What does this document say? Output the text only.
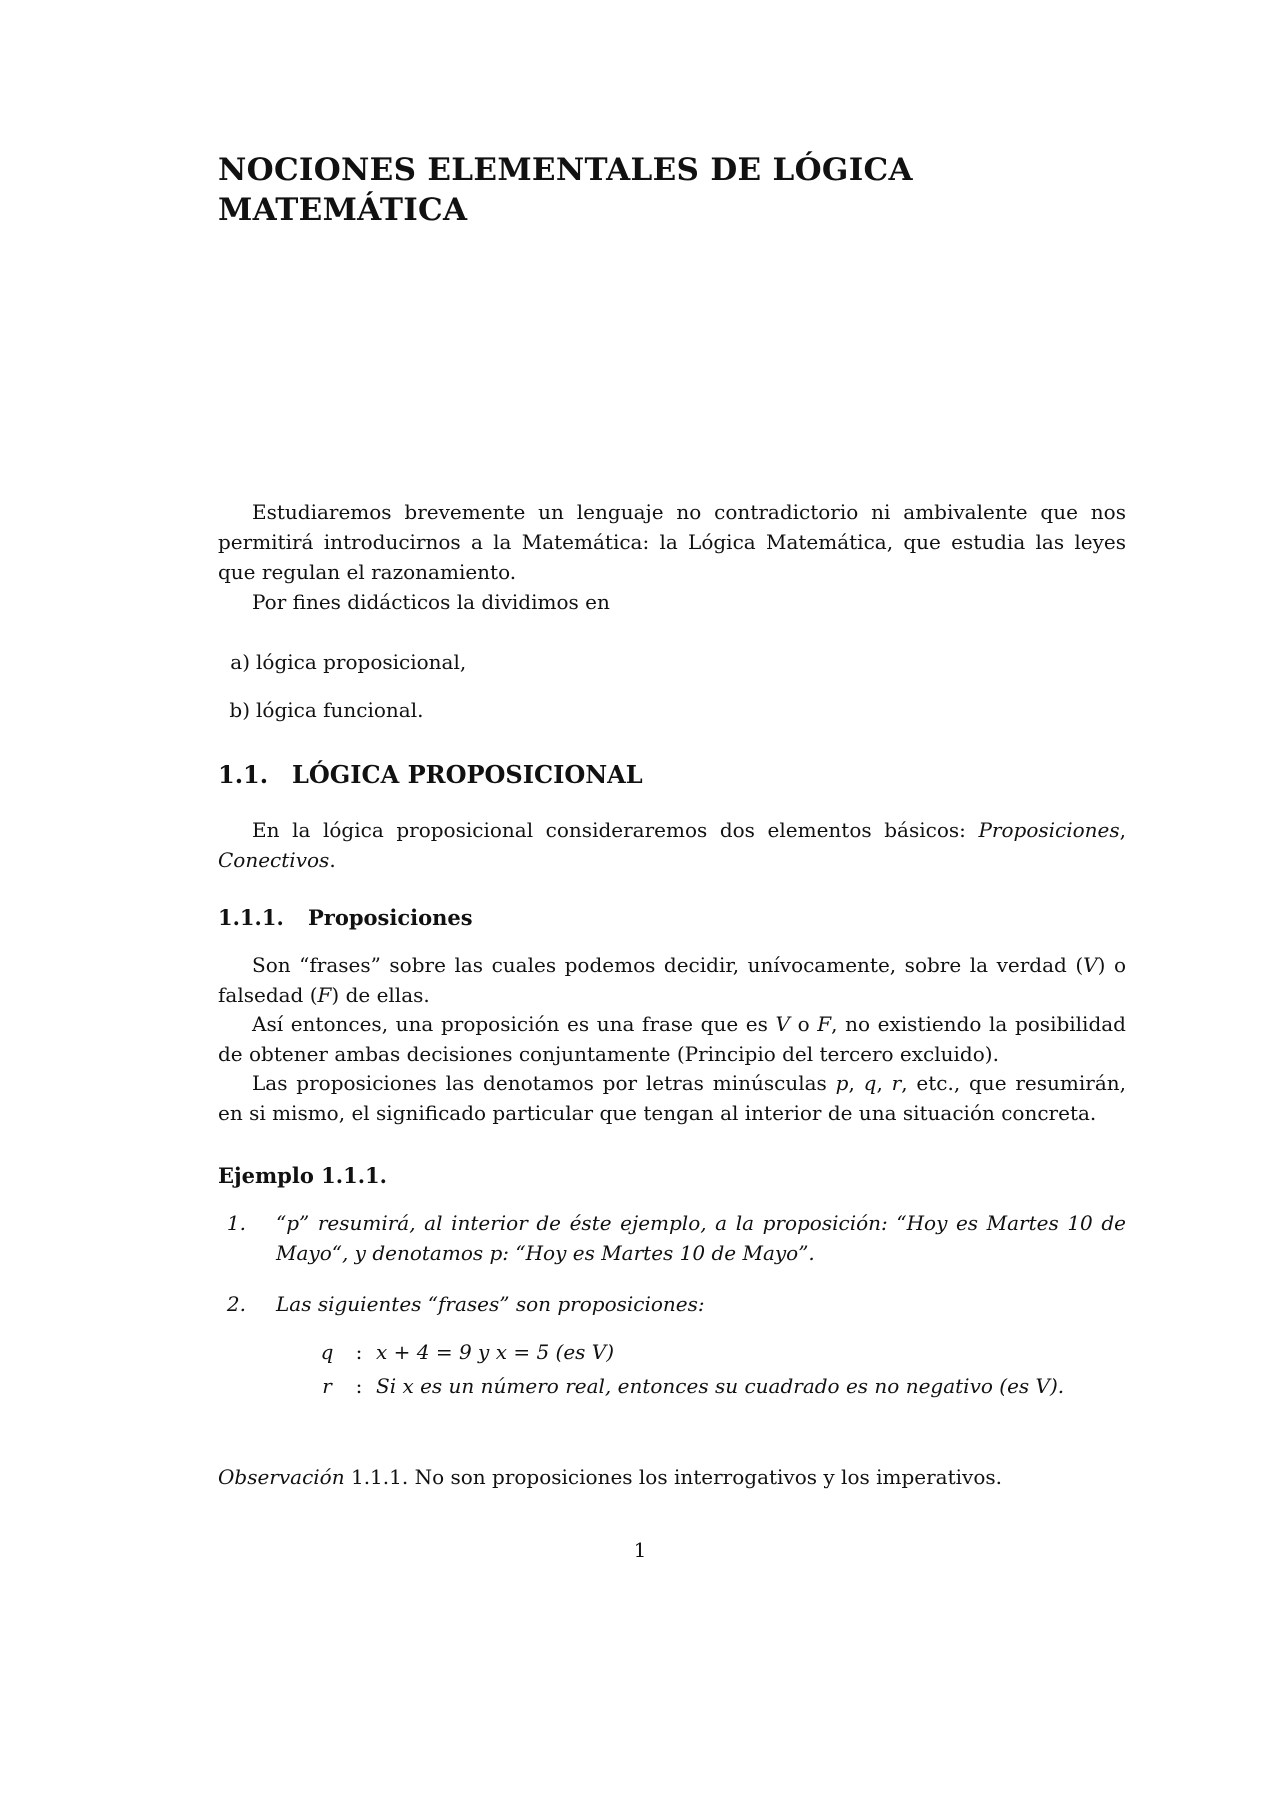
NOCIONES ELEMENTALES DE LÓGICA
MATEMÁTICA
Estudiaremos brevemente un lenguaje no contradictorio ni ambivalente que nos permitirá introducirnos a la Matemática: la Lógica Matemática, que estudia las leyes que regulan el razonamiento.
Por fines didácticos la dividimos en
a) lógica proposicional,
b) lógica funcional.
1.1. LÓGICA PROPOSICIONAL
En la lógica proposicional consideraremos dos elementos básicos: Proposiciones, Conectivos.
1.1.1. Proposiciones
Son “frases” sobre las cuales podemos decidir, unívocamente, sobre la verdad (V) o falsedad (F) de ellas.
Así entonces, una proposición es una frase que es V o F, no existiendo la posibilidad de obtener ambas decisiones conjuntamente (Principio del tercero excluido).
Las proposiciones las denotamos por letras minúsculas p, q, r, etc., que resumirán, en si mismo, el significado particular que tengan al interior de una situación concreta.
Ejemplo 1.1.1.
1. “p” resumirá, al interior de éste ejemplo, a la proposición: “Hoy es Martes 10 de Mayo“, y denotamos p: “Hoy es Martes 10 de Mayo”.
2. Las siguientes “frases” son proposiciones:
q : x + 4 = 9 y x = 5 (es V)
r : Si x es un número real, entonces su cuadrado es no negativo (es V).
Observación 1.1.1. No son proposiciones los interrogativos y los imperativos.
1
